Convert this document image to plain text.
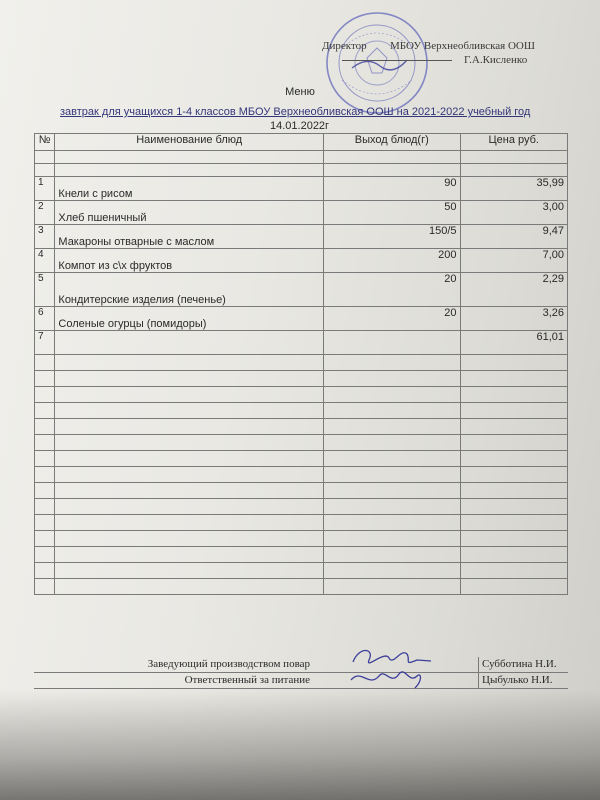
Директор МБОУ Верхнеобливская ООШ
Г.А.Кисленко
Меню
завтрак для учащихся 1-4 классов МБОУ Верхнеобливская ООШ на 2021-2022 учебный год
14.01.2022г
№	Наименование блюд	Выход блюд(г)	Цена руб.

1	Кнели с рисом	90	35,99
2	Хлеб пшеничный	50	3,00
3	Макароны отварные с маслом	150/5	9,47
4	Компот из с\х фруктов	200	7,00
5	Кондитерские изделия (печенье)	20	2,29
6	Соленые огурцы (помидоры)	20	3,26
7			61,01

Заведующий производством повар	Субботина Н.И.
Ответственный за питание	Цыбулько Н.И.
